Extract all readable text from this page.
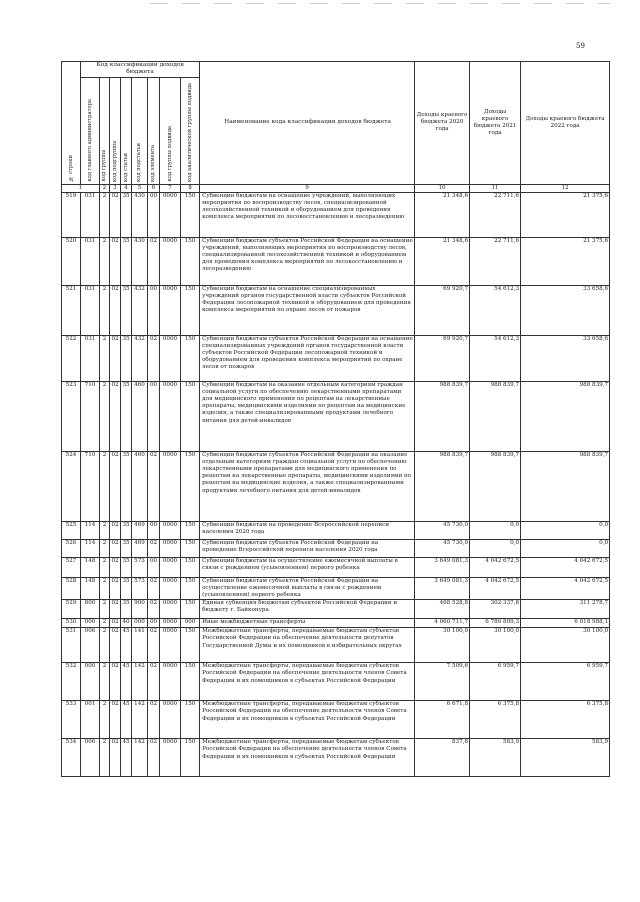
59
№ строки	Код классификации доходов бюджета								Наименование кода классификации доходов бюджета	Доходы краевого бюджета 2020 года	Доходы краевого бюджета 2021 года	Доходы краевого бюджета 2022 года

	код главного администратора	код группы	код подгруппы	код статьи	код подстатьи	код элемента	код группы подвида	код аналитической группы подвида				

1		2	3	4	5	6	7	8	9	10	11	12
519	031	2	02	35	430	00	0000	150	Субвенции бюджетам на оснащение учреждений, выполняющих мероприятия по воспроизводству лесов, специализированной лесохозяйственной техникой и оборудованием для проведения комплекса мероприятий по лесовосстановлению и лесоразведению	21 348,6	22 711,6	21 375,6
520	031	2	02	35	430	02	0000	150	Субвенции бюджетам субъектов Российской Федерации на оснащение учреждений, выполняющих мероприятия по воспроизводству лесов, специализированной лесохозяйственной техникой и оборудованием для проведения комплекса мероприятий по лесовосстановлению и лесоразведению	21 348,6	22 711,6	21 375,6
521	031	2	02	35	432	00	0000	150	Субвенции бюджетам на оснащение специализированных учреждений органов государственной власти субъектов Российской Федерации лесопожарной техникой и оборудованием для проведения комплекса мероприятий по охране лесов от пожаров	69 920,7	54 612,3	33 658,6
522	031	2	02	35	432	02	0000	150	Субвенции бюджетам субъектов Российской Федерации на оснащение специализированных учреждений органов государственной власти субъектов Российской Федерации лесопожарной техникой и оборудованием для проведения комплекса мероприятий по охране лесов от пожаров	69 920,7	54 612,3	33 658,6
523	710	2	02	35	460	00	0000	150	Субвенции бюджетам на оказание отдельным категориям граждан социальной услуги по обеспечению лекарственными препаратами для медицинского применения по рецептам на лекарственные препараты, медицинскими изделиями по рецептам на медицинские изделия, а также специализированными продуктами лечебного питания для детей-инвалидов	988 839,7	988 839,7	988 839,7
524	710	2	02	35	460	02	0000	150	Субвенции бюджетам субъектов Российской Федерации на оказание отдельным категориям граждан социальной услуги по обеспечению лекарственными препаратами для медицинского применения по рецептам на лекарственные препараты, медицинскими изделиями по рецептам на медицинские изделия, а также специализированными продуктами лечебного питания для детей-инвалидов	988 839,7	988 839,7	988 839,7
525	114	2	02	35	469	00	0000	150	Субвенции бюджетам на проведение Всероссийской переписи населения 2020 года	45 730,0	0,0	0,0
526	114	2	02	35	469	02	0000	150	Субвенции бюджетам субъектов Российской Федерации на проведение Всероссийской переписи населения 2020 года	45 730,0	0,0	0,0
527	148	2	02	35	573	00	0000	150	Субвенции бюджетам на осуществление ежемесячной выплаты в связи с рождением (усыновлением) первого ребенка	3 649 081,3	4 042 672,5	4 042 672,5
528	148	2	02	35	573	02	0000	150	Субвенции бюджетам субъектов Российской Федерации на осуществление ежемесячной выплаты в связи с рождением (усыновлением) первого ребенка	3 649 081,3	4 042 672,5	4 042 672,5
529	800	2	02	35	900	02	0000	150	Единая субвенция бюджетам субъектов Российской Федерации и бюджету г. Байконура	468 528,8	302 337,8	311 278,7
530	000	2	02	40	000	00	0000	000	Иные межбюджетные трансферты	4 060 711,7	6 780 809,3	6 018 988,1
531	006	2	02	45	141	02	0000	150	Межбюджетные трансферты, передаваемые бюджетам субъектов Российской Федерации на обеспечение деятельности депутатов Государственной Думы и их помощников в избирательных округах	30 100,0	30 100,0	30 100,0
532	000	2	02	45	142	02	0000	150	Межбюджетные трансферты, передаваемые бюджетам субъектов Российской Федерации на обеспечение деятельности членов Совета Федерации и их помощников в субъектах Российской Федерации	7 509,6	6 959,7	6 959,7
533	001	2	02	45	142	02	0000	150	Межбюджетные трансферты, передаваемые бюджетам субъектов Российской Федерации на обеспечение деятельности членов Совета Федерации и их помощников в субъектах Российской Федерации	6 671,8	6 375,8	6 375,8
534	006	2	02	45	142	02	0000	150	Межбюджетные трансферты, передаваемые бюджетам субъектов Российской Федерации на обеспечение деятельности членов Совета Федерации и их помощников в субъектах Российской Федерации	837,8	583,9	583,9
